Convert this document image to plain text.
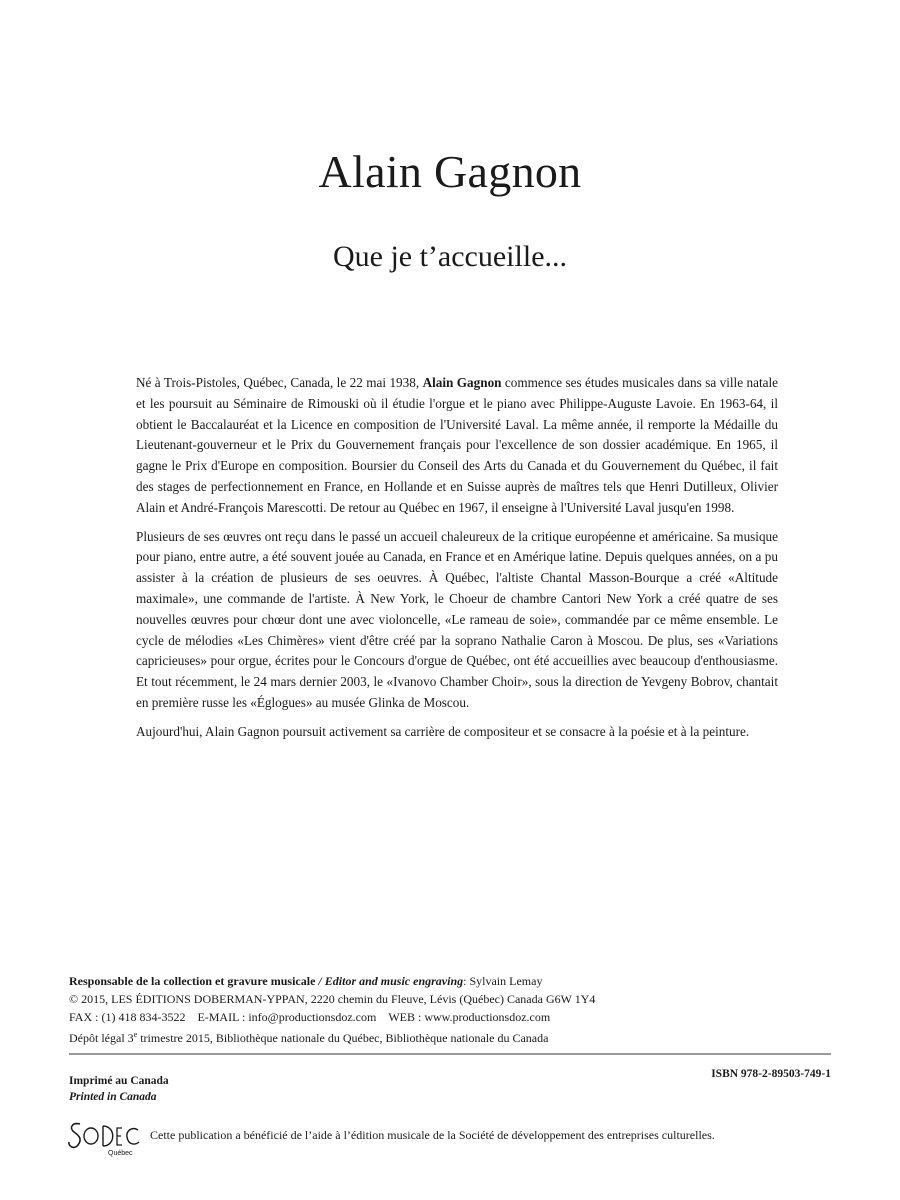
Alain Gagnon
Que je t’accueille...

Né à Trois-Pistoles, Québec, Canada, le 22 mai 1938, Alain Gagnon commence ses études musicales dans sa ville natale et les poursuit au Séminaire de Rimouski où il étudie l'orgue et le piano avec Philippe-Auguste Lavoie. En 1963-64, il obtient le Baccalauréat et la Licence en composition de l'Université Laval. La même année, il remporte la Médaille du Lieutenant-gouverneur et le Prix du Gouvernement français pour l'excellence de son dossier académique. En 1965, il gagne le Prix d'Europe en composition. Boursier du Conseil des Arts du Canada et du Gouvernement du Québec, il fait des stages de perfectionnement en France, en Hollande et en Suisse auprès de maîtres tels que Henri Dutilleux, Olivier Alain et André-François Marescotti. De retour au Québec en 1967, il enseigne à l'Université Laval jusqu'en 1998.

Plusieurs de ses œuvres ont reçu dans le passé un accueil chaleureux de la critique européenne et américaine. Sa musique pour piano, entre autre, a été souvent jouée au Canada, en France et en Amérique latine. Depuis quelques années, on a pu assister à la création de plusieurs de ses oeuvres. À Québec, l'altiste Chantal Masson-Bourque a créé «Altitude maximale», une commande de l'artiste. À New York, le Choeur de chambre Cantori New York a créé quatre de ses nouvelles œuvres pour chœur dont une avec violoncelle, «Le rameau de soie», commandée par ce même ensemble. Le cycle de mélodies «Les Chimères» vient d'être créé par la soprano Nathalie Caron à Moscou. De plus, ses «Variations capricieuses» pour orgue, écrites pour le Concours d'orgue de Québec, ont été accueillies avec beaucoup d'enthousiasme. Et tout récemment, le 24 mars dernier 2003, le «Ivanovo Chamber Choir», sous la direction de Yevgeny Bobrov, chantait en première russe les «Églogues» au musée Glinka de Moscou.

Aujourd'hui, Alain Gagnon poursuit activement sa carrière de compositeur et se consacre à la poésie et à la peinture.

Responsable de la collection et gravure musicale / Editor and music engraving: Sylvain Lemay
© 2015, LES ÉDITIONS DOBERMAN-YPPAN, 2220 chemin du Fleuve, Lévis (Québec) Canada G6W 1Y4
FAX : (1) 418 834-3522 E-MAIL : info@productionsdoz.com WEB : www.productionsdoz.com
Dépôt légal 3e trimestre 2015, Bibliothèque nationale du Québec, Bibliothèque nationale du Canada
Imprimé au Canada
Printed in Canada
ISBN 978-2-89503-749-1
Québec
Cette publication a bénéficié de l’aide à l’édition musicale de la Société de développement des entreprises culturelles.
